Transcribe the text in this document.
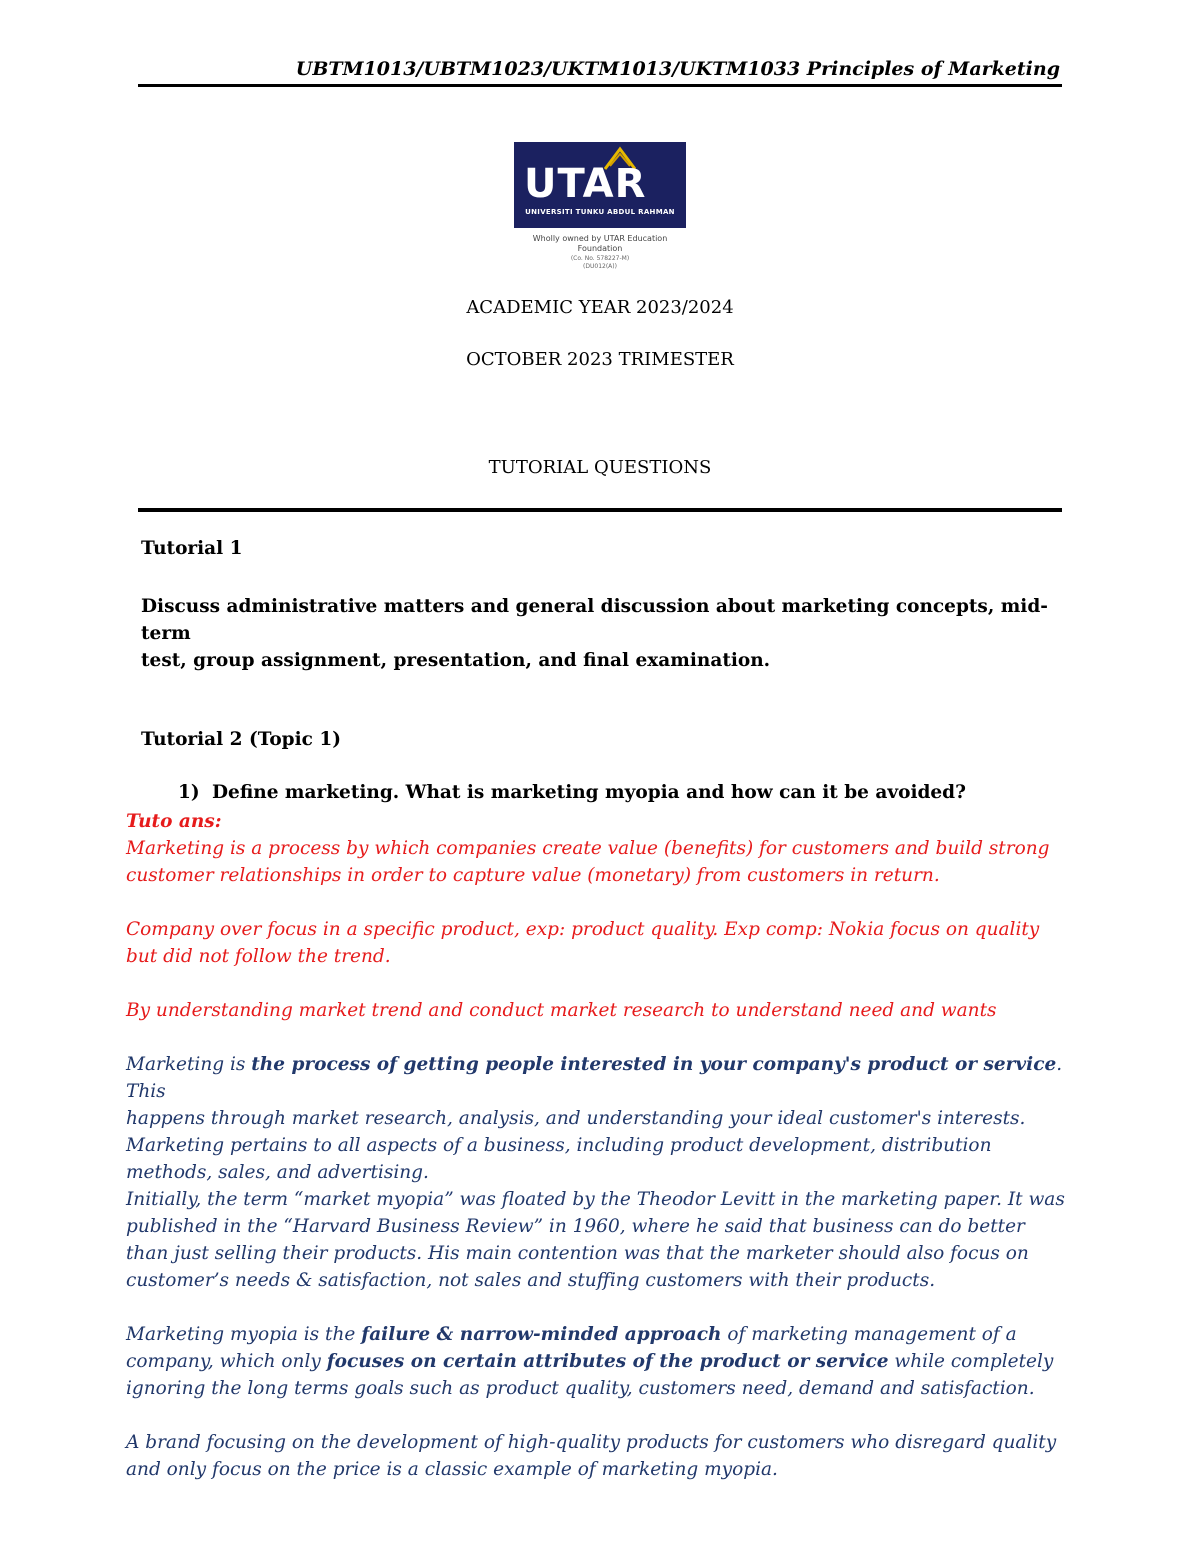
UBTM1013/UBTM1023/UKTM1013/UKTM1033 Principles of Marketing
UTAR
UNIVERSITI TUNKU ABDUL RAHMAN
Wholly owned by UTAR Education Foundation
(Co. No. 578227-M)
(DU012(A))
ACADEMIC YEAR 2023/2024
OCTOBER 2023 TRIMESTER
TUTORIAL QUESTIONS
Tutorial 1
Discuss administrative matters and general discussion about marketing concepts, mid-term
test, group assignment, presentation, and final examination.
Tutorial 2 (Topic 1)
1) Define marketing. What is marketing myopia and how can it be avoided?
Tuto ans:
Marketing is a process by which companies create value (benefits) for customers and build strong
customer relationships in order to capture value (monetary) from customers in return.
Company over focus in a specific product, exp: product quality. Exp comp: Nokia focus on quality
but did not follow the trend.
By understanding market trend and conduct market research to understand need and wants
Marketing is the process of getting people interested in your company's product or service. This
happens through market research, analysis, and understanding your ideal customer's interests.
Marketing pertains to all aspects of a business, including product development, distribution
methods, sales, and advertising.
Initially, the term “market myopia” was floated by the Theodor Levitt in the marketing paper. It was
published in the “Harvard Business Review” in 1960, where he said that business can do better
than just selling their products. His main contention was that the marketer should also focus on
customer’s needs & satisfaction, not sales and stuffing customers with their products.
Marketing myopia is the failure & narrow-minded approach of marketing management of a
company, which only focuses on certain attributes of the product or service while completely
ignoring the long terms goals such as product quality, customers need, demand and satisfaction.
A brand focusing on the development of high-quality products for customers who disregard quality
and only focus on the price is a classic example of marketing myopia.
